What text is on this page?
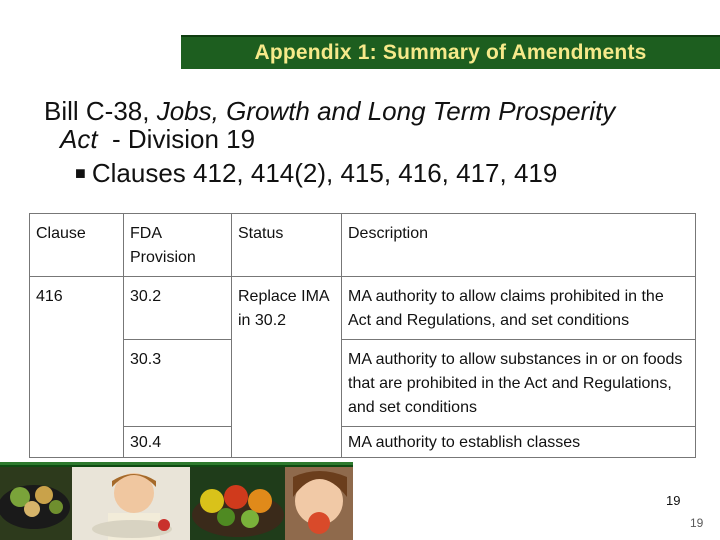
Appendix 1: Summary of Amendments
Bill C-38, Jobs, Growth and Long Term Prosperity
Act  - Division 19
■ Clauses 412, 414(2), 415, 416, 417, 419
Clause	FDA Provision	Status	Description
416	30.2	Replace IMA in 30.2	MA authority to allow claims prohibited in the Act and Regulations, and set conditions
	30.3		MA authority to allow substances in or on foods that are prohibited in the Act and Regulations, and set conditions
	30.4		MA authority to establish classes
19
19
